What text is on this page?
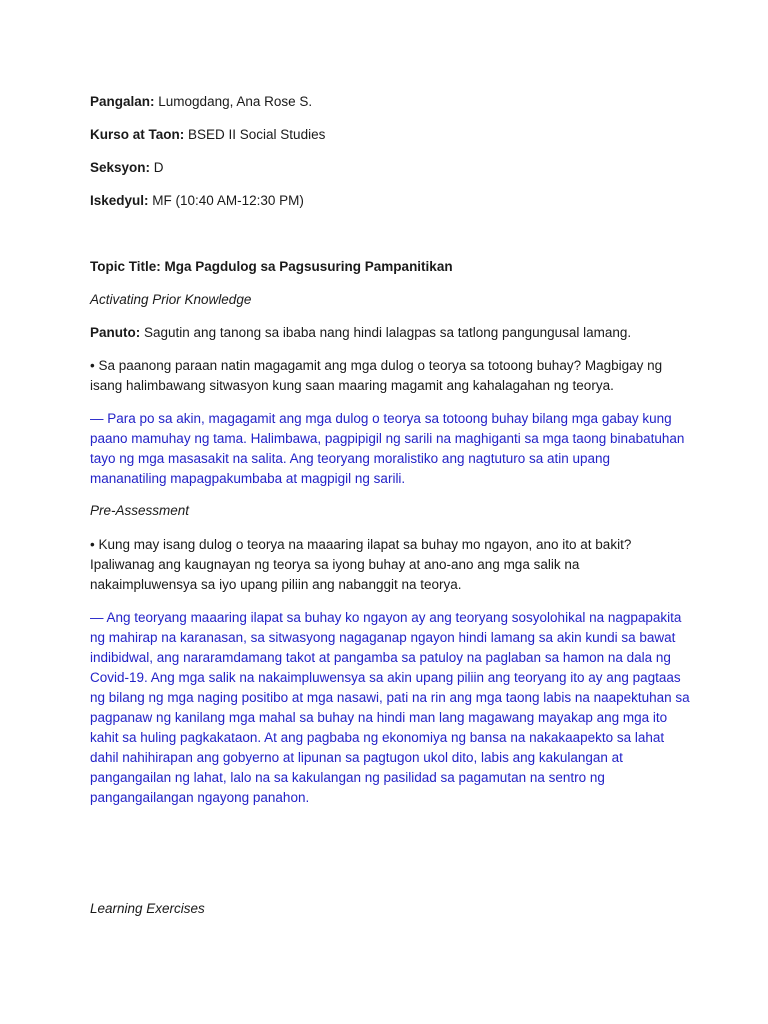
Pangalan: Lumogdang, Ana Rose S.

Kurso at Taon: BSED II Social Studies

Seksyon: D

Iskedyul: MF (10:40 AM-12:30 PM)

Topic Title: Mga Pagdulog sa Pagsusuring Pampanitikan

Activating Prior Knowledge

Panuto: Sagutin ang tanong sa ibaba nang hindi lalagpas sa tatlong pangungusal lamang.

• Sa paanong paraan natin magagamit ang mga dulog o teorya sa totoong buhay? Magbigay ng isang halimbawang sitwasyon kung saan maaring magamit ang kahalagahan ng teorya.

— Para po sa akin, magagamit ang mga dulog o teorya sa totoong buhay bilang mga gabay kung paano mamuhay ng tama. Halimbawa, pagpipigil ng sarili na maghiganti sa mga taong binabatuhan tayo ng mga masasakit na salita. Ang teoryang moralistiko ang nagtuturo sa atin upang mananatiling mapagpakumbaba at magpigil ng sarili.

Pre-Assessment

• Kung may isang dulog o teorya na maaaring ilapat sa buhay mo ngayon, ano ito at bakit? Ipaliwanag ang kaugnayan ng teorya sa iyong buhay at ano-ano ang mga salik na nakaimpluwensya sa iyo upang piliin ang nabanggit na teorya.

— Ang teoryang maaaring ilapat sa buhay ko ngayon ay ang teoryang sosyolohikal na nagpapakita ng mahirap na karanasan, sa sitwasyong nagaganap ngayon hindi lamang sa akin kundi sa bawat indibidwal, ang nararamdamang takot at pangamba sa patuloy na paglaban sa hamon na dala ng Covid-19. Ang mga salik na nakaimpluwensya sa akin upang piliin ang teoryang ito ay ang pagtaas ng bilang ng mga naging positibo at mga nasawi, pati na rin ang mga taong labis na naapektuhan sa pagpanaw ng kanilang mga mahal sa buhay na hindi man lang magawang mayakap ang mga ito kahit sa huling pagkakataon. At ang pagbaba ng ekonomiya ng bansa na nakakaapekto sa lahat dahil nahihirapan ang gobyerno at lipunan sa pagtugon ukol dito, labis ang kakulangan at pangangailan ng lahat, lalo na sa kakulangan ng pasilidad sa pagamutan na sentro ng pangangailangan ngayong panahon.

Learning Exercises
